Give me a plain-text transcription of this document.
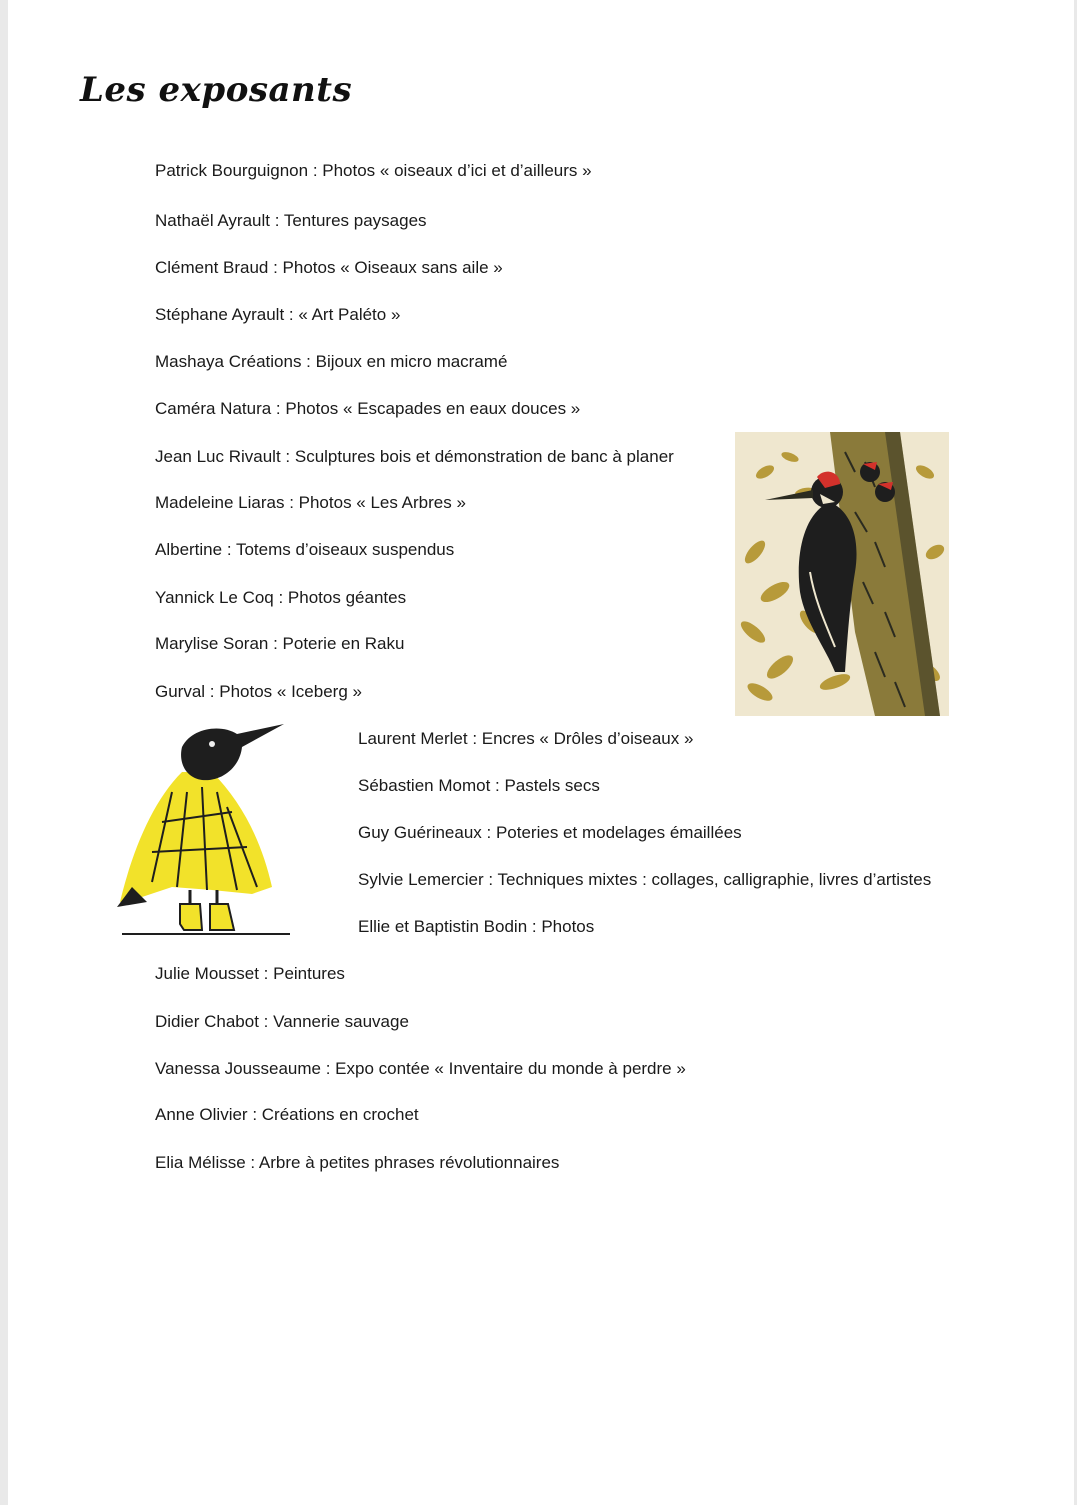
Les exposants
Patrick Bourguignon : Photos « oiseaux d’ici et d’ailleurs »
Nathaël Ayrault : Tentures paysages
Clément Braud : Photos « Oiseaux sans aile »
Stéphane Ayrault : « Art Paléto »
Mashaya Créations : Bijoux en micro macramé
Caméra Natura : Photos « Escapades en eaux douces »
Jean Luc Rivault : Sculptures bois et démonstration de banc à planer
Madeleine Liaras : Photos « Les Arbres »
Albertine : Totems d’oiseaux suspendus
Yannick Le Coq : Photos géantes
Marylise Soran : Poterie en Raku
Gurval : Photos « Iceberg »
Laurent Merlet : Encres « Drôles d’oiseaux »
Sébastien Momot : Pastels secs
Guy Guérineaux : Poteries et modelages émaillées
Sylvie Lemercier : Techniques mixtes : collages, calligraphie, livres d’artistes
Ellie et Baptistin Bodin : Photos
Julie Mousset : Peintures
Didier Chabot : Vannerie sauvage
Vanessa Jousseaume : Expo contée « Inventaire du monde à perdre »
Anne Olivier : Créations en crochet
Elia Mélisse : Arbre à petites phrases révolutionnaires
